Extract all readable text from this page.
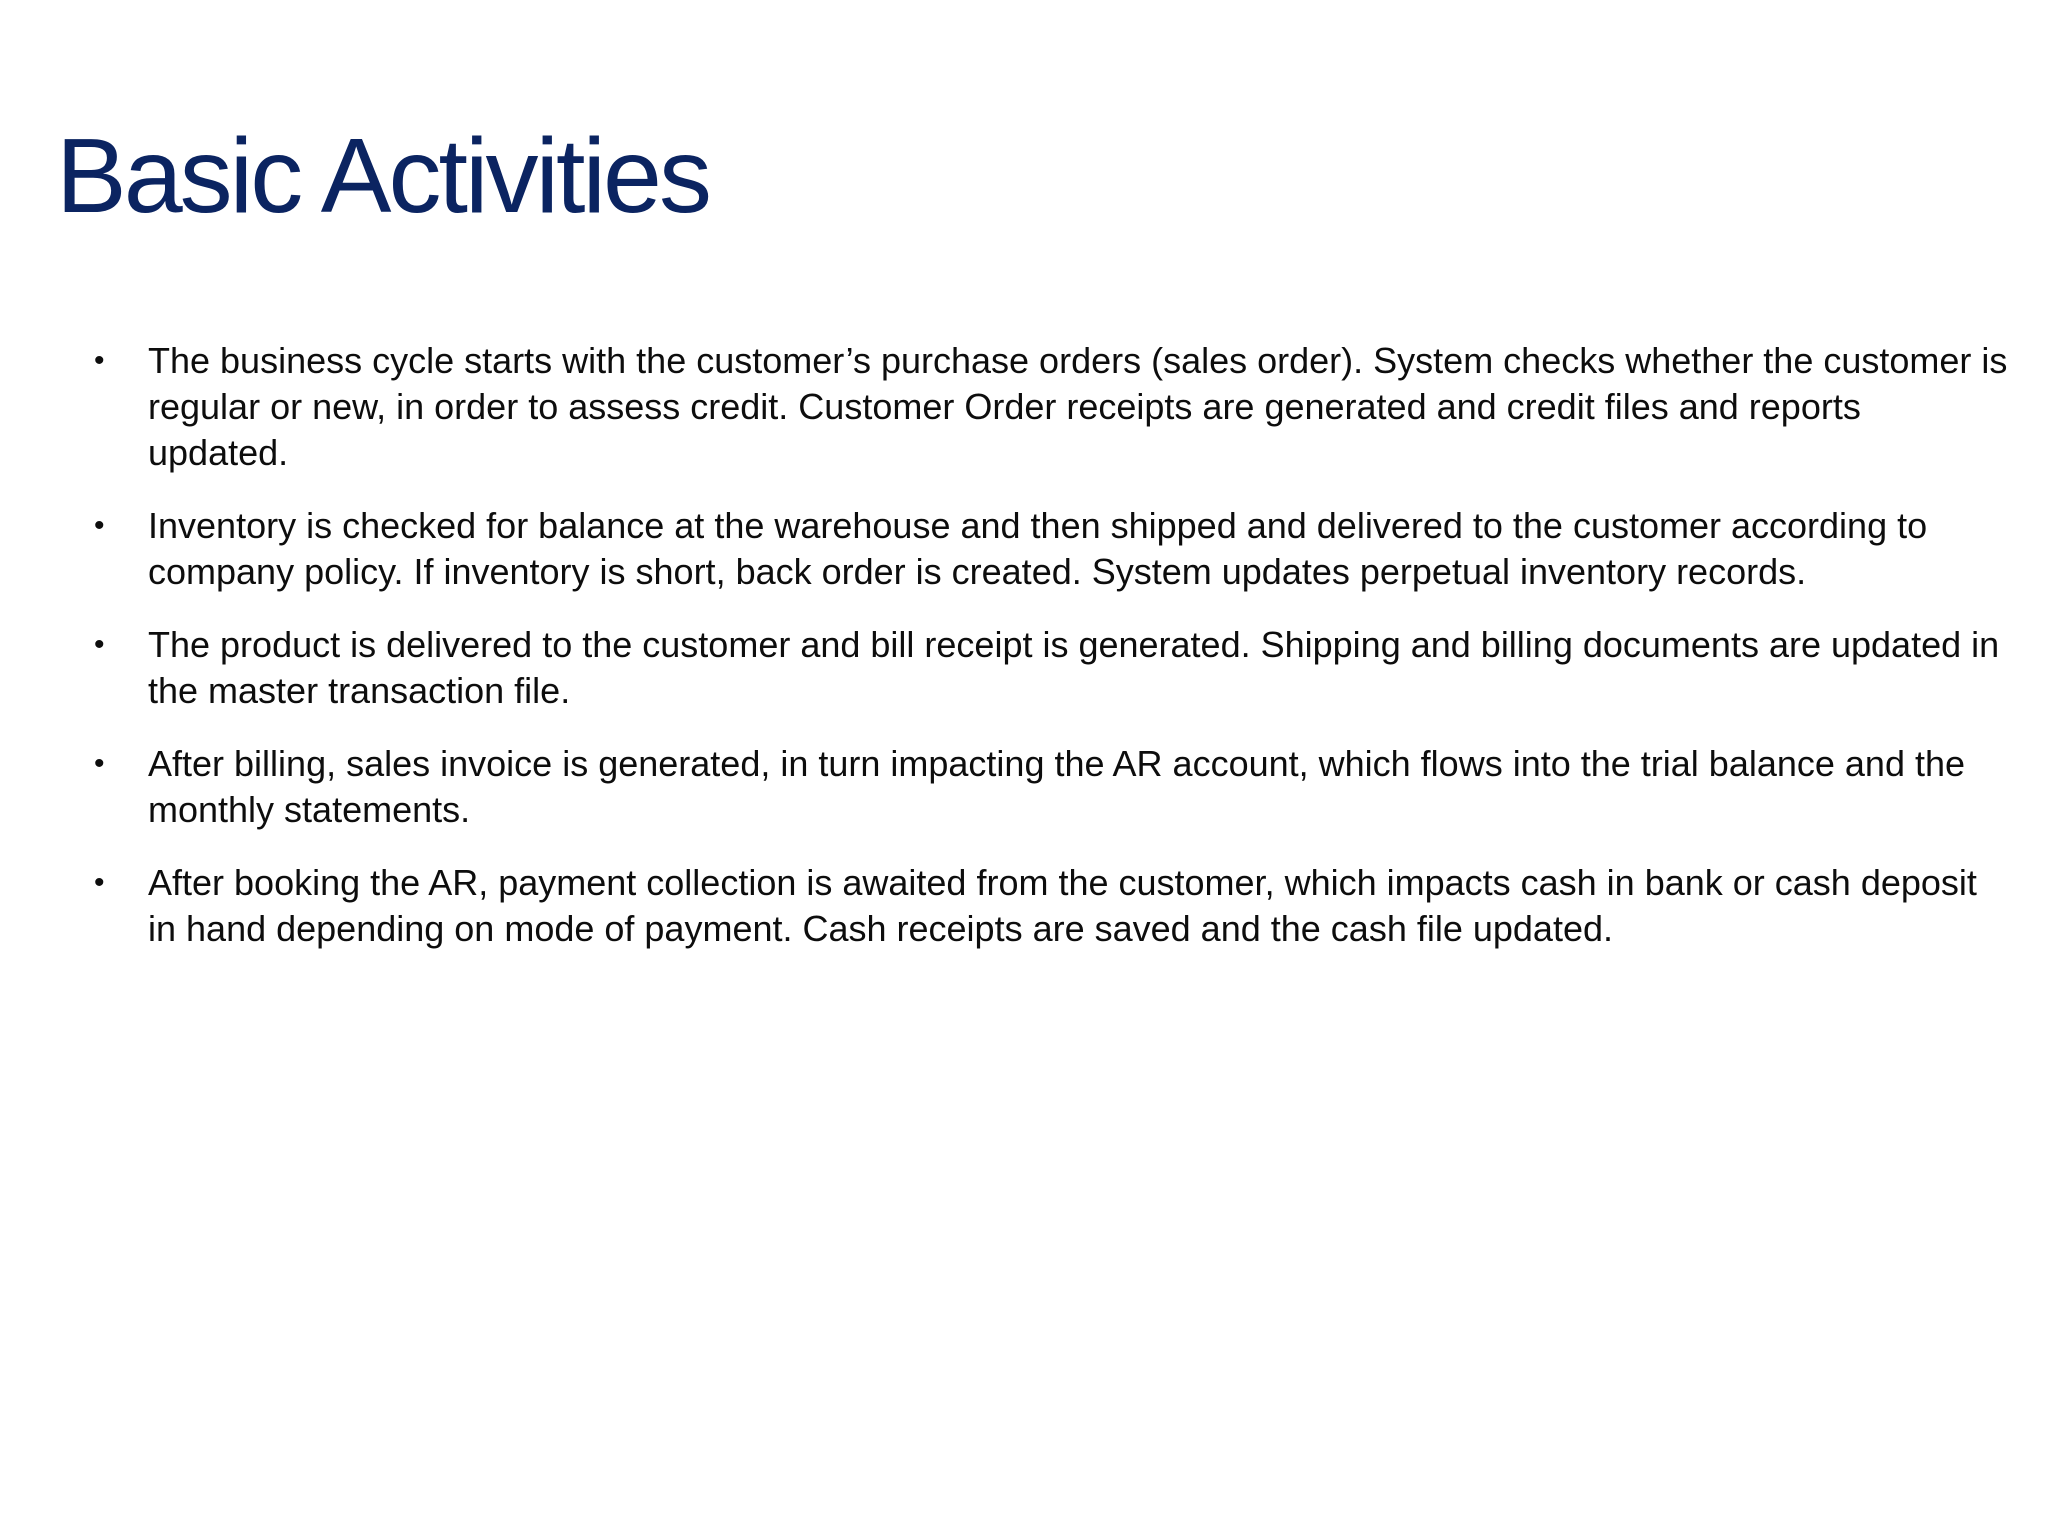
Basic Activities
•	The business cycle starts with the customer’s purchase orders (sales order). System checks whether the customer is regular or new, in order to assess credit. Customer Order receipts are generated and credit files and reports updated.
•	Inventory is checked for balance at the warehouse and then shipped and delivered to the customer according to company policy. If inventory is short, back order is created. System updates perpetual inventory records.
•	The product is delivered to the customer and bill receipt is generated. Shipping and billing documents are updated in the master transaction file.
•	After billing, sales invoice is generated, in turn impacting the AR account, which flows into the trial balance and the monthly statements.
•	After booking the AR, payment collection is awaited from the customer, which impacts cash in bank or cash deposit in hand depending on mode of payment. Cash receipts are saved and the cash file updated.
